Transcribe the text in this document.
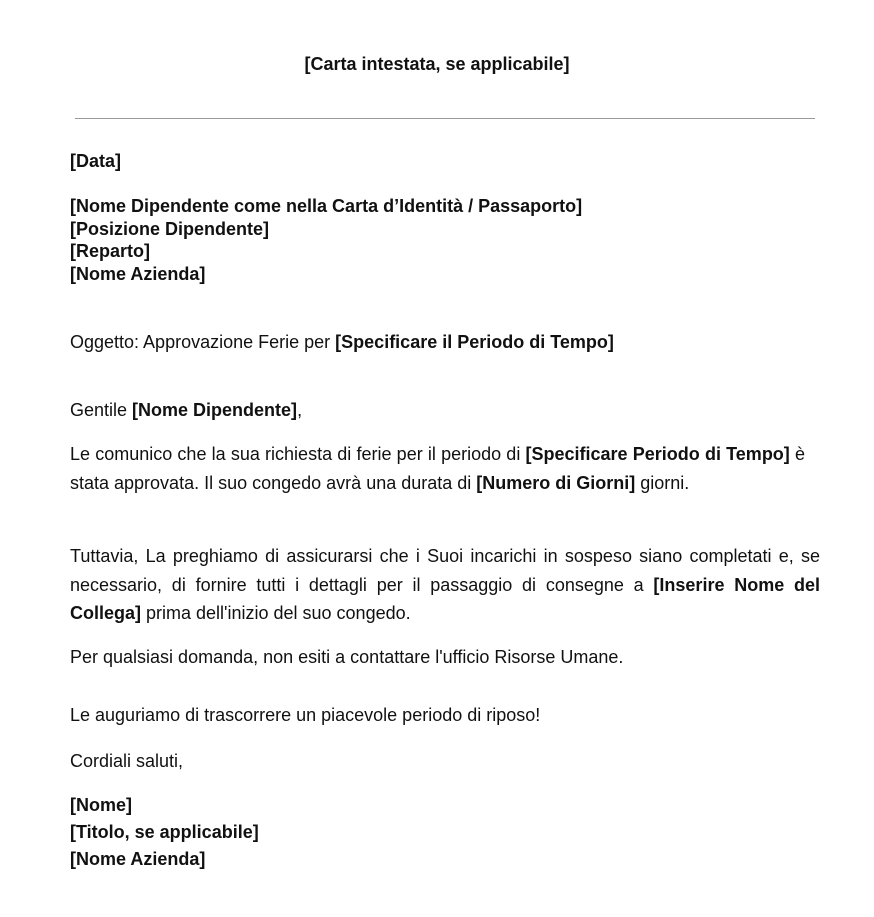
[Carta intestata, se applicabile]
[Data]
[Nome Dipendente come nella Carta d’Identità / Passaporto]
[Posizione Dipendente]
[Reparto]
[Nome Azienda]
Oggetto: Approvazione Ferie per [Specificare il Periodo di Tempo]
Gentile [Nome Dipendente],
Le comunico che la sua richiesta di ferie per il periodo di [Specificare Periodo di Tempo] è stata approvata. Il suo congedo avrà una durata di [Numero di Giorni] giorni.
Tuttavia, La preghiamo di assicurarsi che i Suoi incarichi in sospeso siano completati e, se necessario, di fornire tutti i dettagli per il passaggio di consegne a [Inserire Nome del Collega] prima dell'inizio del suo congedo.
Per qualsiasi domanda, non esiti a contattare l'ufficio Risorse Umane.
Le auguriamo di trascorrere un piacevole periodo di riposo!
Cordiali saluti,
[Nome]
[Titolo, se applicabile]
[Nome Azienda]
